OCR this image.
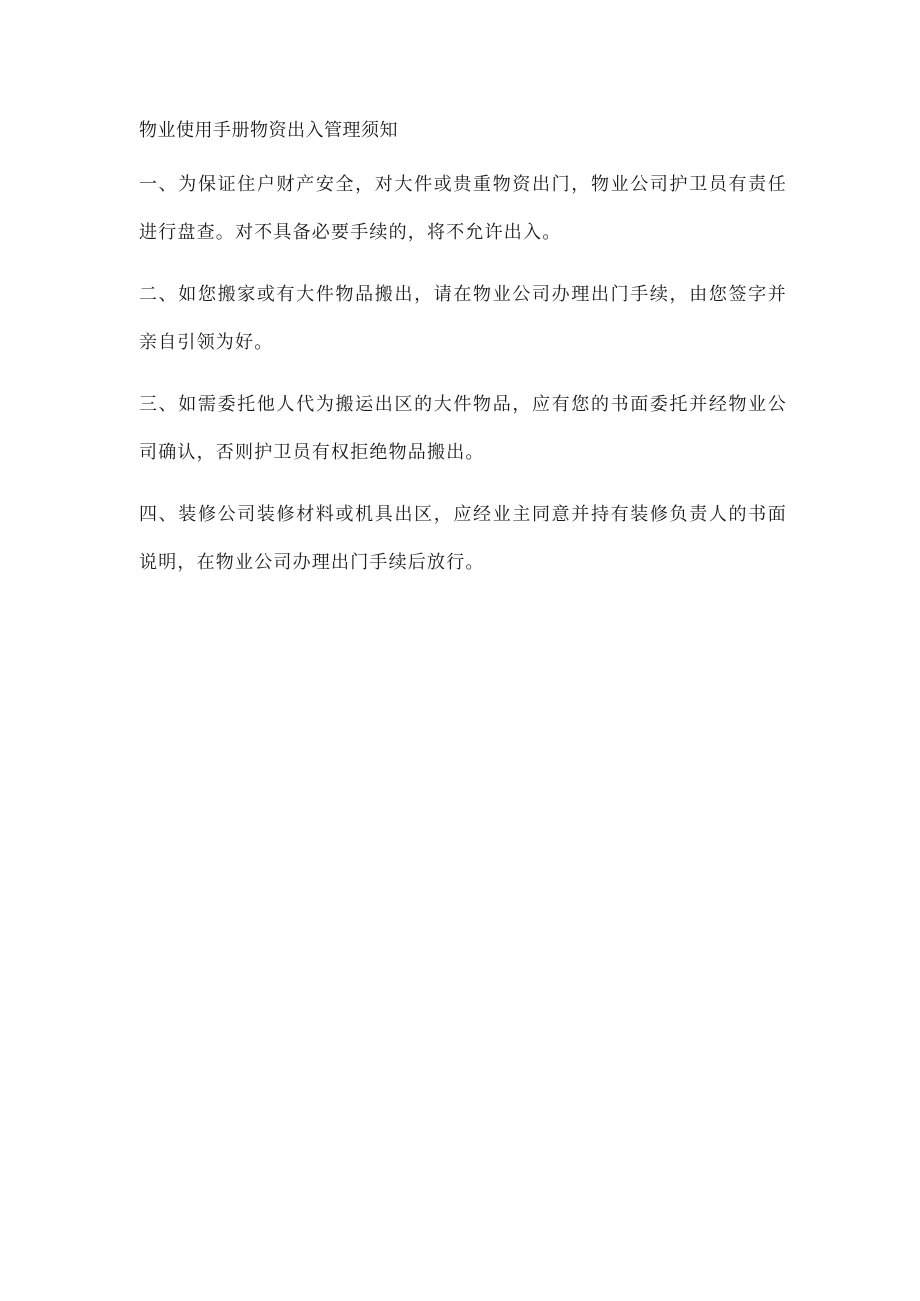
物业使用手册物资出入管理须知

一、为保证住户财产安全，对大件或贵重物资出门，物业公司护卫员有责任进行盘查。对不具备必要手续的，将不允许出入。

二、如您搬家或有大件物品搬出，请在物业公司办理出门手续，由您签字并亲自引领为好。

三、如需委托他人代为搬运出区的大件物品，应有您的书面委托并经物业公司确认，否则护卫员有权拒绝物品搬出。

四、装修公司装修材料或机具出区，应经业主同意并持有装修负责人的书面说明，在物业公司办理出门手续后放行。
